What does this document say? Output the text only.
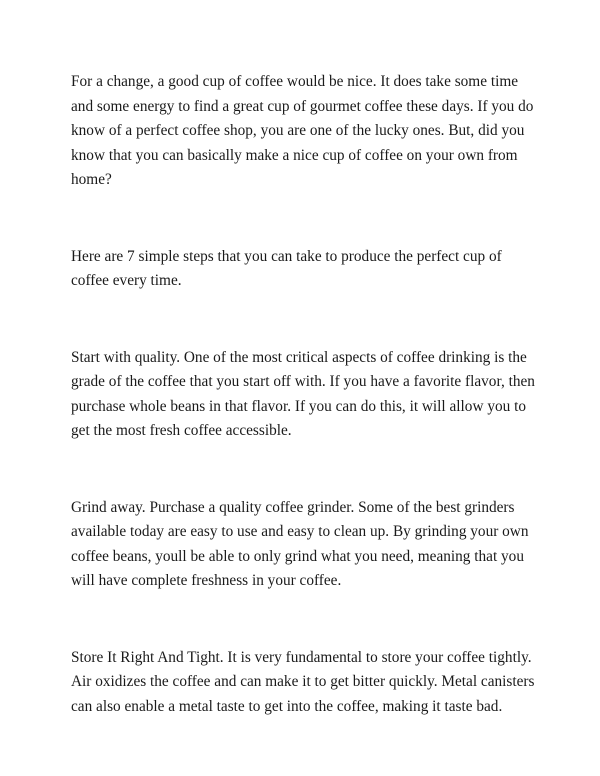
For a change, a good cup of coffee would be nice. It does take some time and some energy to find a great cup of gourmet coffee these days. If you do know of a perfect coffee shop, you are one of the lucky ones. But, did you know that you can basically make a nice cup of coffee on your own from home?

Here are 7 simple steps that you can take to produce the perfect cup of coffee every time.

Start with quality. One of the most critical aspects of coffee drinking is the grade of the coffee that you start off with. If you have a favorite flavor, then purchase whole beans in that flavor. If you can do this, it will allow you to get the most fresh coffee accessible.

Grind away. Purchase a quality coffee grinder. Some of the best grinders available today are easy to use and easy to clean up. By grinding your own coffee beans, youll be able to only grind what you need, meaning that you will have complete freshness in your coffee.

Store It Right And Tight. It is very fundamental to store your coffee tightly. Air oxidizes the coffee and can make it to get bitter quickly. Metal canisters can also enable a metal taste to get into the coffee, making it taste bad.
